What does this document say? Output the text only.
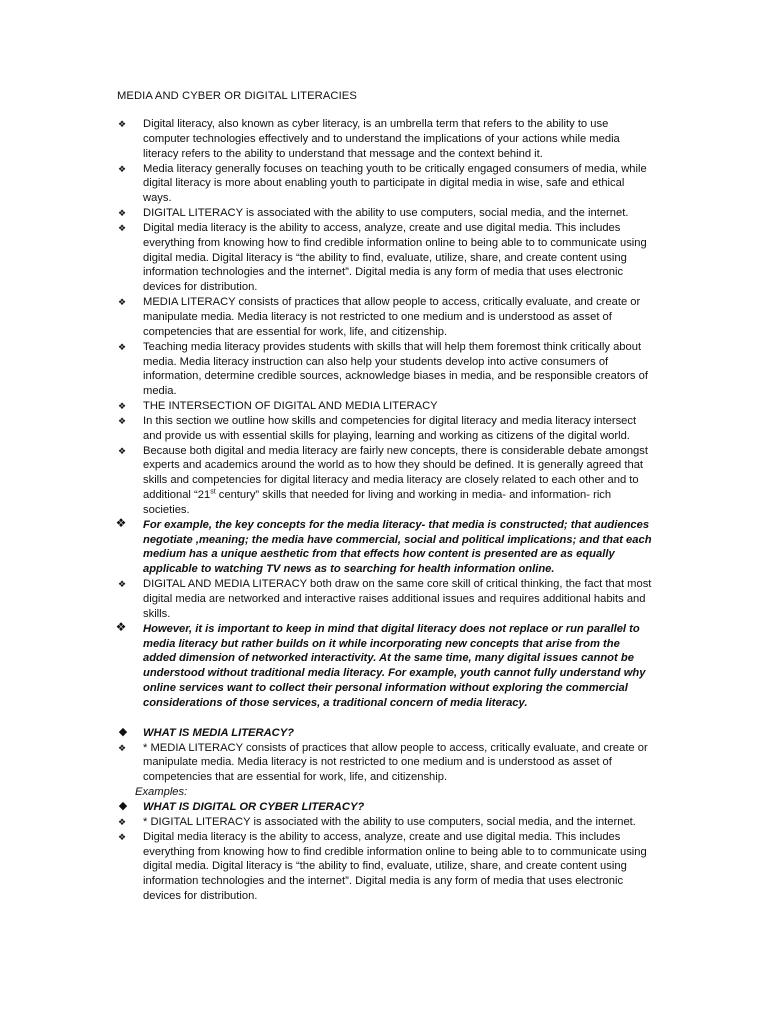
MEDIA AND CYBER OR DIGITAL LITERACIES
❖ Digital literacy, also known as cyber literacy, is an umbrella term that refers to the ability to use computer technologies effectively and to understand the implications of your actions while media literacy refers to the ability to understand that message and the context behind it.
❖ Media literacy generally focuses on teaching youth to be critically engaged consumers of media, while digital literacy is more about enabling youth to participate in digital media in wise, safe and ethical ways.
❖ DIGITAL LITERACY is associated with the ability to use computers, social media, and the internet.
❖ Digital media literacy is the ability to access, analyze, create and use digital media. This includes everything from knowing how to find credible information online to being able to to communicate using digital media. Digital literacy is “the ability to find, evaluate, utilize, share, and create content using information technologies and the internet”. Digital media is any form of media that uses electronic devices for distribution.
❖ MEDIA LITERACY consists of practices that allow people to access, critically evaluate, and create or manipulate media. Media literacy is not restricted to one medium and is understood as asset of competencies that are essential for work, life, and citizenship.
❖ Teaching media literacy provides students with skills that will help them foremost think critically about media. Media literacy instruction can also help your students develop into active consumers of information, determine credible sources, acknowledge biases in media, and be responsible creators of media.
❖ THE INTERSECTION OF DIGITAL AND MEDIA LITERACY
❖ In this section we outline how skills and competencies for digital literacy and media literacy intersect and provide us with essential skills for playing, learning and working as citizens of the digital world.
❖ Because both digital and media literacy are fairly new concepts, there is considerable debate amongst experts and academics around the world as to how they should be defined. It is generally agreed that skills and competencies for digital literacy and media literacy are closely related to each other and to additional “21st century” skills that needed for living and working in media- and information- rich societies.
❖ For example, the key concepts for the media literacy- that media is constructed; that audiences negotiate ,meaning; the media have commercial, social and political implications; and that each medium has a unique aesthetic from that effects how content is presented are as equally applicable to watching TV news as to searching for health information online.
❖ DIGITAL AND MEDIA LITERACY both draw on the same core skill of critical thinking, the fact that most digital media are networked and interactive raises additional issues and requires additional habits and skills.
❖ However, it is important to keep in mind that digital literacy does not replace or run parallel to media literacy but rather builds on it while incorporating new concepts that arise from the added dimension of networked interactivity. At the same time, many digital issues cannot be understood without traditional media literacy. For example, youth cannot fully understand why online services want to collect their personal information without exploring the commercial considerations of those services, a traditional concern of media literacy.
◆ WHAT IS MEDIA LITERACY?
❖ * MEDIA LITERACY consists of practices that allow people to access, critically evaluate, and create or manipulate media. Media literacy is not restricted to one medium and is understood as asset of competencies that are essential for work, life, and citizenship.
Examples:
◆ WHAT IS DIGITAL OR CYBER LITERACY?
❖ * DIGITAL LITERACY is associated with the ability to use computers, social media, and the internet.
❖ Digital media literacy is the ability to access, analyze, create and use digital media. This includes everything from knowing how to find credible information online to being able to to communicate using digital media. Digital literacy is “the ability to find, evaluate, utilize, share, and create content using information technologies and the internet”. Digital media is any form of media that uses electronic devices for distribution.
